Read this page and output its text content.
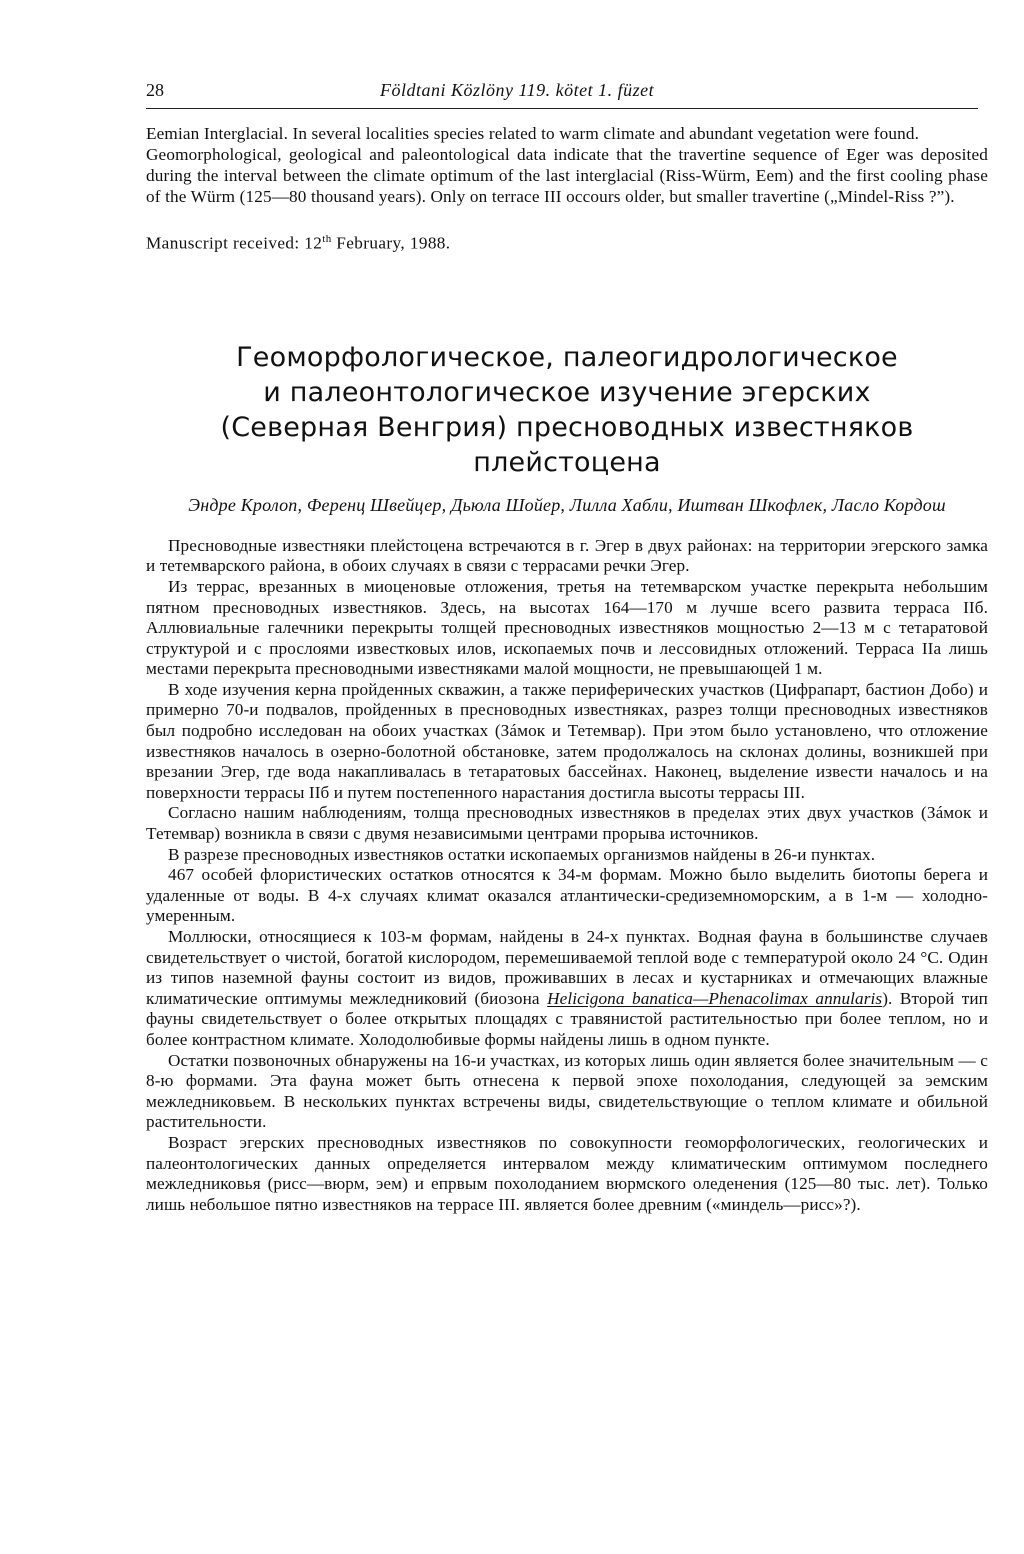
28	Földtani Közlöny 119. kötet 1. füzet

Eemian Interglacial. In several localities species related to warm climate and abundant vegetation were found.

Geomorphological, geological and paleontological data indicate that the travertine sequence of Eger was deposited during the interval between the climate optimum of the last interglacial (Riss-Würm, Eem) and the first cooling phase of the Würm (125—80 thousand years). Only on terrace III occours older, but smaller travertine („Mindel-Riss ?”).

Manuscript received: 12th February, 1988.

Геоморфологическое, палеогидрологическое
и палеонтологическое изучение эгерских
(Северная Венгрия) пресноводных известняков плейстоцена

Эндре Кролоп, Ференц Швейцер, Дьюла Шойер, Лилла Хабли, Иштван Шкофлек, Ласло Кордош

Пресноводные известняки плейстоцена встречаются в г. Эгер в двух районах: на территории эгерского замка и тетемварского района, в обоих случаях в связи с террасами речки Эгер.

Из террас, врезанных в миоценовые отложения, третья на тетемварском участке перекрыта небольшим пятном пресноводных известняков. Здесь, на высотах 164—170 м лучше всего развита терраса IIб. Аллювиальные галечники перекрыты толщей пресноводных известняков мощностью 2—13 м с тетаратовой структурой и с прослоями известковых илов, ископаемых почв и лессовидных отложений. Терраса IIа лишь местами перекрыта пресноводными известняками малой мощности, не превышающей 1 м.

В ходе изучения керна пройденных скважин, а также периферических участков (Цифрапарт, бастион Добо) и примерно 70-и подвалов, пройденных в пресноводных известняках, разрез толщи пресноводных известняков был подробно исследован на обоих участках (Зáмок и Тетемвар). При этом было установлено, что отложение известняков началось в озерно-болотной обстановке, затем продолжалось на склонах долины, возникшей при врезании Эгер, где вода накапливалась в тетаратовых бассейнах. Наконец, выделение извести началось и на поверхности террасы IIб и путем постепенного нарастания достигла высоты террасы III.

Согласно нашим наблюдениям, толща пресноводных известняков в пределах этих двух участков (Зáмок и Тетемвар) возникла в связи с двумя независимыми центрами прорыва источников.

В разрезе пресноводных известняков остатки ископаемых организмов найдены в 26-и пунктах.

467 особей флористических остатков относятся к 34-м формам. Можно было выделить биотопы берега и удаленные от воды. В 4-х случаях климат оказался атлантически-средиземноморским, а в 1-м — холодно-умеренным.

Моллюски, относящиеся к 103-м формам, найдены в 24-х пунктах. Водная фауна в большинстве случаев свидетельствует о чистой, богатой кислородом, перемешиваемой теплой воде с температурой около 24 °С. Один из типов наземной фауны состоит из видов, проживавших в лесах и кустарниках и отмечающих влажные климатические оптимумы межледниковий (биозона Helicigona banatica—Phenacolimax annularis). Второй тип фауны свидетельствует о более открытых площадях с травянистой растительностью при более теплом, но и более контрастном климате. Холодолюбивые формы найдены лишь в одном пункте.

Остатки позвоночных обнаружены на 16-и участках, из которых лишь один является более значительным — с 8-ю формами. Эта фауна может быть отнесена к первой эпохе похолодания, следующей за эемским межледниковьем. В нескольких пунктах встречены виды, свидетельствующие о теплом климате и обильной растительности.

Возраст эгерских пресноводных известняков по совокупности геоморфологических, геологических и палеонтологических данных определяется интервалом между климатическим оптимумом последнего межледниковья (рисс—вюрм, эем) и епрвым похолоданием вюрмского оледенения (125—80 тыс. лет). Только лишь небольшое пятно известняков на террасе III. является более древним («миндель—рисс»?).
